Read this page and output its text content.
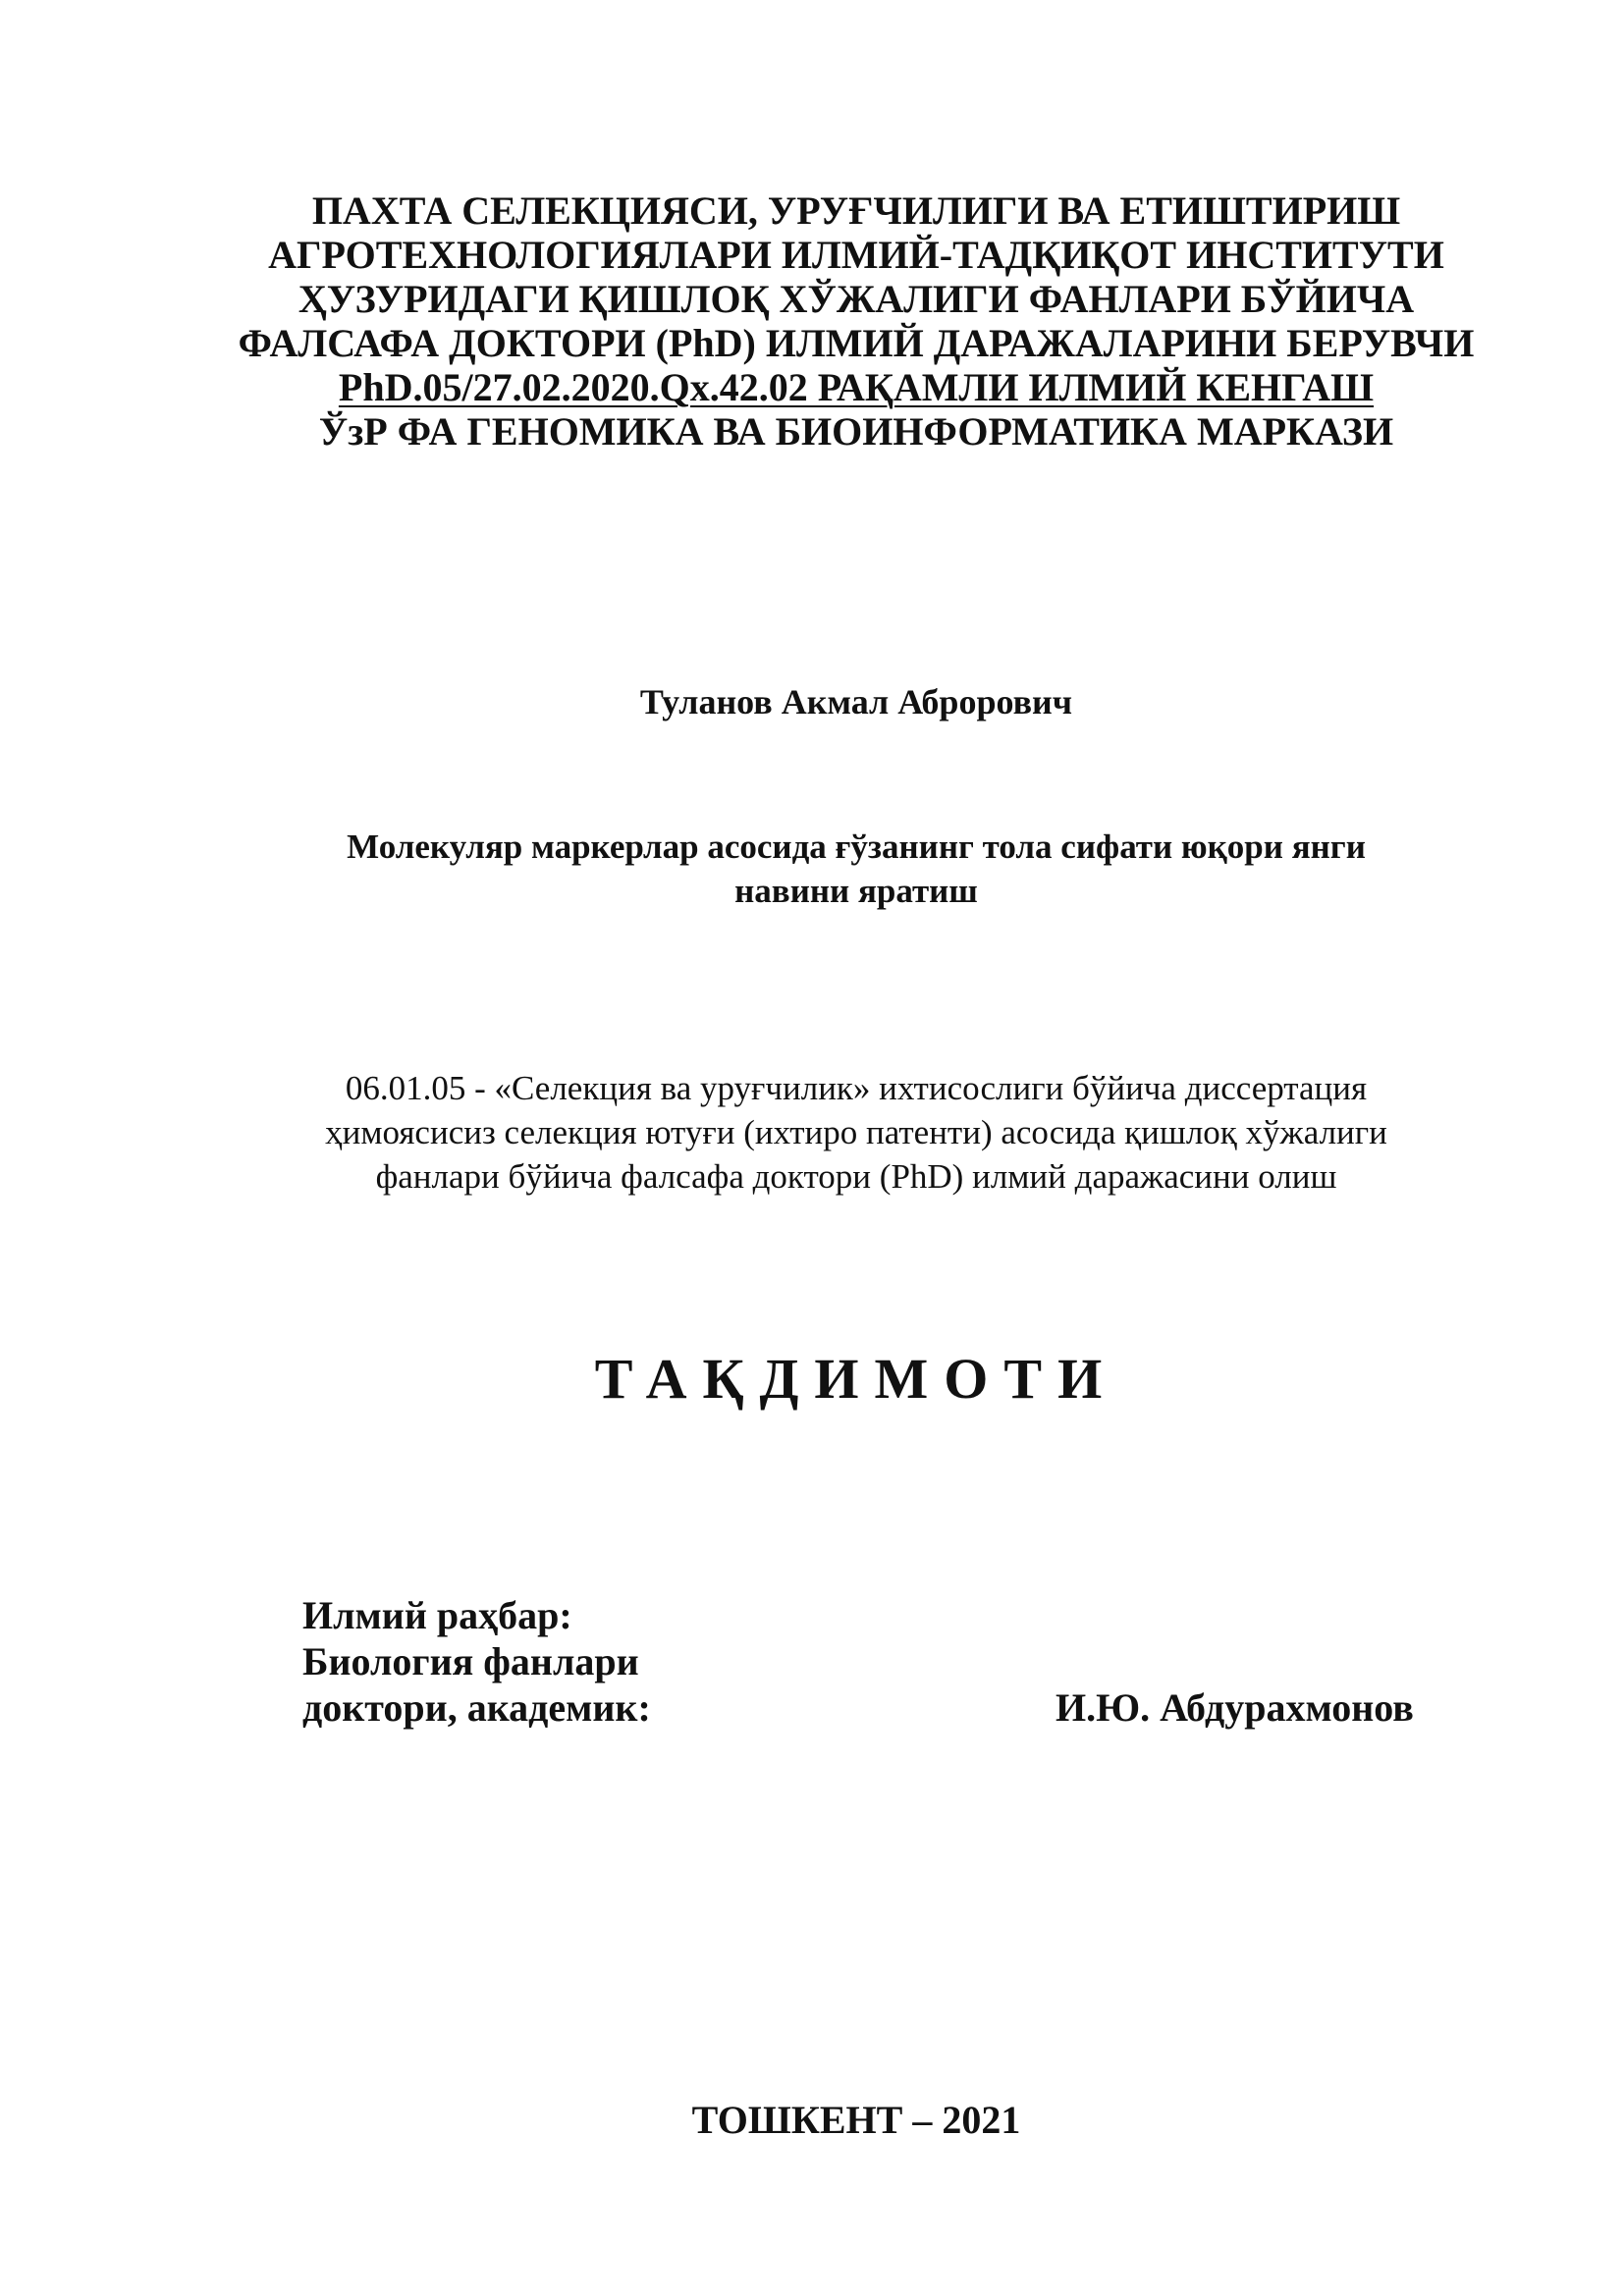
ПАХТА СЕЛЕКЦИЯСИ, УРУҒЧИЛИГИ ВА ЕТИШТИРИШ
АГРОТЕХНОЛОГИЯЛАРИ ИЛМИЙ-ТАДҚИҚОТ ИНСТИТУТИ
ҲУЗУРИДАГИ ҚИШЛОҚ ХЎЖАЛИГИ ФАНЛАРИ БЎЙИЧА
ФАЛСАФА ДОКТОРИ (PhD) ИЛМИЙ ДАРАЖАЛАРИНИ БЕРУВЧИ
PhD.05/27.02.2020.Qx.42.02 РАҚАМЛИ ИЛМИЙ КЕНГАШ
ЎзР ФА ГЕНОМИКА ВА БИОИНФОРМАТИКА МАРКАЗИ
Туланов Акмал Аброрович
Молекуляр маркерлар асосида ғўзанинг тола сифати юқори янги
навини яратиш
06.01.05 - «Селекция ва уруғчилик» ихтисослиги бўйича диссертация
ҳимоясисиз селекция ютуғи (ихтиро патенти) асосида қишлоқ хўжалиги
фанлари бўйича фалсафа доктори (PhD) илмий даражасини олиш
ТАҚДИМОТИ
Илмий раҳбар:
Биология фанлари
доктори, академик:	И.Ю. Абдурахмонов
ТОШКЕНТ – 2021
